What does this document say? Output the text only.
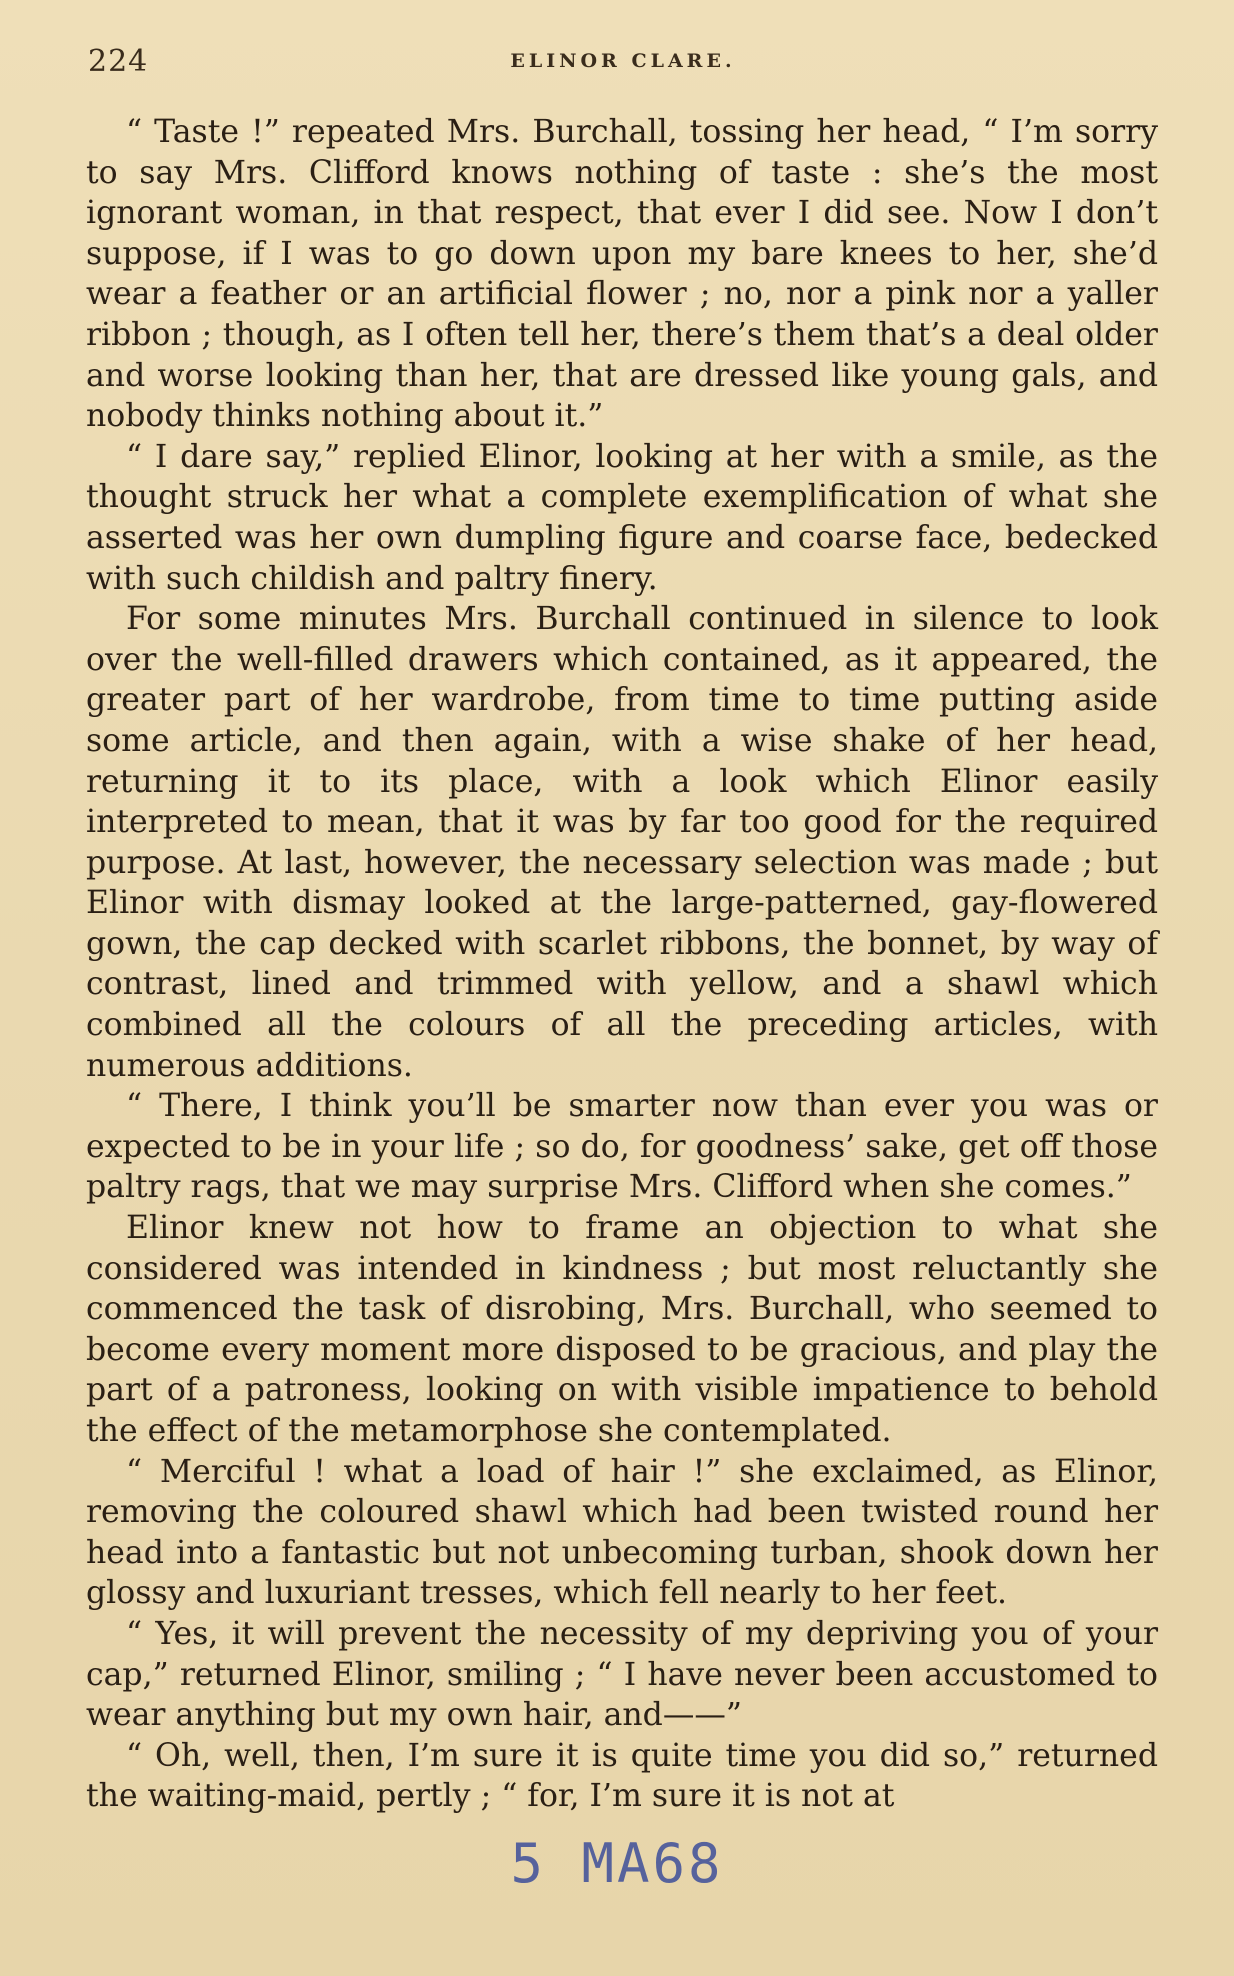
224	ELINOR CLARE.

“ Taste !” repeated Mrs. Burchall, tossing her head, “ I’m sorry to say Mrs. Clifford knows nothing of taste : she’s the most ignorant woman, in that respect, that ever I did see. Now I don’t suppose, if I was to go down upon my bare knees to her, she’d wear a feather or an artificial flower ; no, nor a pink nor a yaller ribbon ; though, as I often tell her, there’s them that’s a deal older and worse looking than her, that are dressed like young gals, and nobody thinks nothing about it.”

“ I dare say,” replied Elinor, looking at her with a smile, as the thought struck her what a complete exemplification of what she asserted was her own dumpling figure and coarse face, bedecked with such childish and paltry finery.

For some minutes Mrs. Burchall continued in silence to look over the well-filled drawers which contained, as it appeared, the greater part of her wardrobe, from time to time putting aside some article, and then again, with a wise shake of her head, returning it to its place, with a look which Elinor easily interpreted to mean, that it was by far too good for the required purpose. At last, however, the necessary selection was made ; but Elinor with dismay looked at the large-patterned, gay-flowered gown, the cap decked with scarlet ribbons, the bonnet, by way of contrast, lined and trimmed with yellow, and a shawl which combined all the colours of all the preceding articles, with numerous additions.

“ There, I think you’ll be smarter now than ever you was or expected to be in your life ; so do, for goodness’ sake, get off those paltry rags, that we may surprise Mrs. Clifford when she comes.”

Elinor knew not how to frame an objection to what she considered was intended in kindness ; but most reluctantly she commenced the task of disrobing, Mrs. Burchall, who seemed to become every moment more disposed to be gracious, and play the part of a patroness, looking on with visible impatience to behold the effect of the metamorphose she contemplated.

“ Merciful ! what a load of hair !” she exclaimed, as Elinor, removing the coloured shawl which had been twisted round her head into a fantastic but not unbecoming turban, shook down her glossy and luxuriant tresses, which fell nearly to her feet.

“ Yes, it will prevent the necessity of my depriving you of your cap,” returned Elinor, smiling ; “ I have never been accustomed to wear anything but my own hair, and——”

“ Oh, well, then, I’m sure it is quite time you did so,” returned the waiting-maid, pertly ; “ for, I’m sure it is not at

5 MA68
